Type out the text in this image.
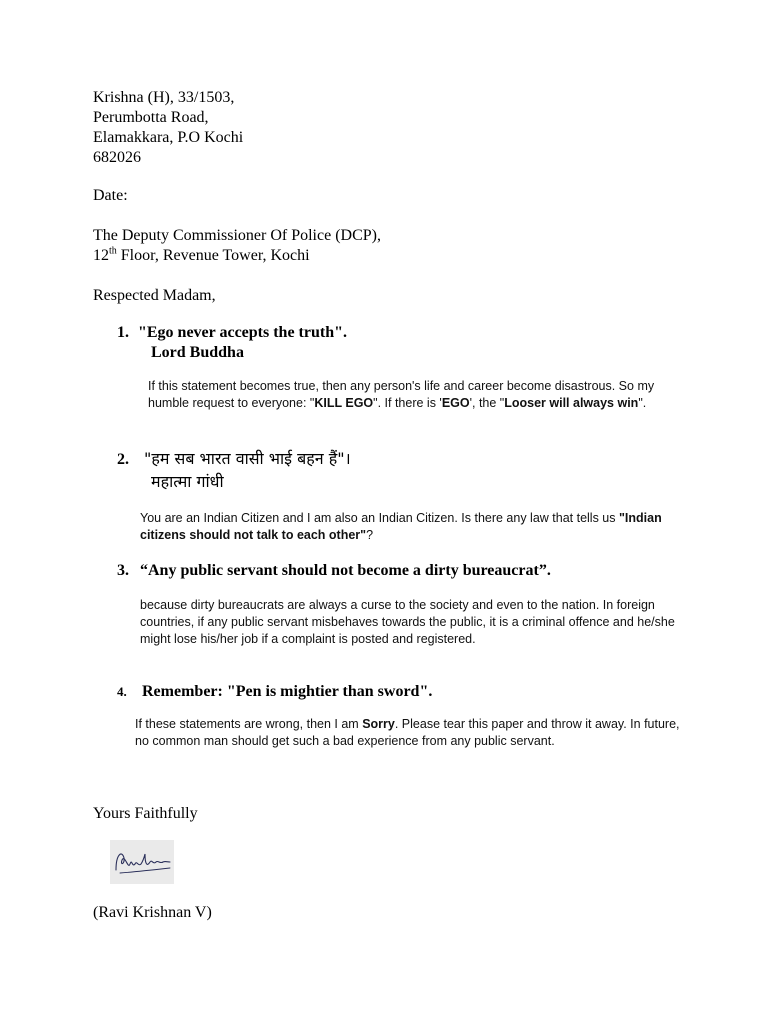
Krishna (H), 33/1503,
Perumbotta Road,
Elamakkara, P.O Kochi
682026
Date:
The Deputy Commissioner Of Police (DCP),
12th Floor, Revenue Tower, Kochi
Respected Madam,
1. "Ego never accepts the truth".
Lord Buddha
If this statement becomes true, then any person's life and career become disastrous. So my humble request to everyone: "KILL EGO". If there is 'EGO', the "Looser will always win".
2. "हम सब भारत वासी भाई बहन हैं"।
महात्मा गांधी
You are an Indian Citizen and I am also an Indian Citizen. Is there any law that tells us "Indian citizens should not talk to each other"?
3. “Any public servant should not become a dirty bureaucrat”.
because dirty bureaucrats are always a curse to the society and even to the nation. In foreign countries, if any public servant misbehaves towards the public, it is a criminal offence and he/she might lose his/her job if a complaint is posted and registered.
4. Remember: "Pen is mightier than sword".
If these statements are wrong, then I am Sorry. Please tear this paper and throw it away. In future, no common man should get such a bad experience from any public servant.
Yours Faithfully
(Ravi Krishnan V)
